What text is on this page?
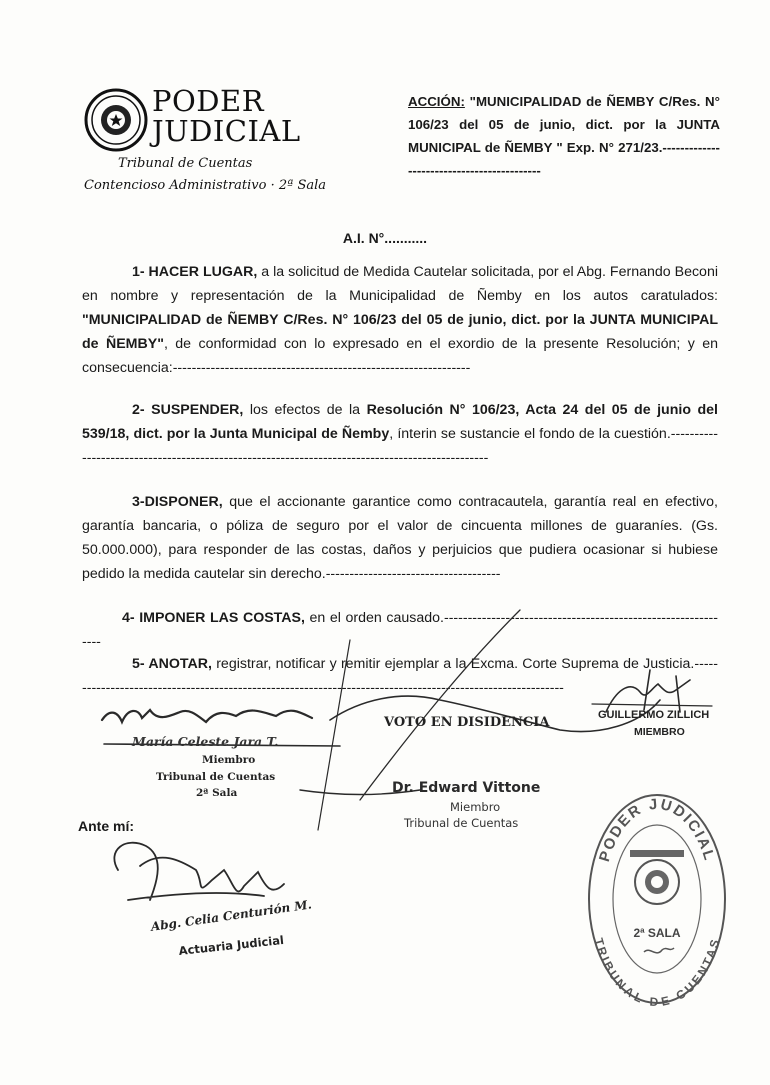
PODER
JUDICIAL
Tribunal de Cuentas
Contencioso Administrativo · 2ª Sala
ACCIÓN: "MUNICIPALIDAD de ÑEMBY C/Res. N° 106/23 del 05 de junio, dict. por la JUNTA MUNICIPAL de ÑEMBY " Exp. N° 271/23.-------------------------------------------
A.I. N°...........
1- HACER LUGAR, a la solicitud de Medida Cautelar solicitada, por el Abg. Fernando Beconi en nombre y representación de la Municipalidad de Ñemby en los autos caratulados: "MUNICIPALIDAD de ÑEMBY C/Res. N° 106/23 del 05 de junio, dict. por la JUNTA MUNICIPAL de ÑEMBY", de conformidad con lo expresado en el exordio de la presente Resolución; y en consecuencia:---------------------------------------------------------------
2- SUSPENDER, los efectos de la Resolución N° 106/23, Acta 24 del 05 de junio del 539/18, dict. por la Junta Municipal de Ñemby, ínterin se sustancie el fondo de la cuestión.------------------------------------------------------------------------------------------------
3-DISPONER, que el accionante garantice como contracautela, garantía real en efectivo, garantía bancaria, o póliza de seguro por el valor de cincuenta millones de guaraníes. (Gs. 50.000.000), para responder de las costas, daños y perjuicios que pudiera ocasionar si hubiese pedido la medida cautelar sin derecho.-------------------------------------
4- IMPONER LAS COSTAS, en el orden causado.--------------------------------------------------------------
5- ANOTAR, registrar, notificar y remitir ejemplar a la Excma. Corte Suprema de Justicia.-----------------------------------------------------------------------------------------------------------
María Celeste Jara T.
Miembro
Tribunal de Cuentas
2ª Sala
VOTO EN DISIDENCIA	GUILLERMO ZILLICH
MIEMBRO
Dr. Edward Vittone
Miembro
Tribunal de Cuentas
Ante mí:
Abg. Celia Centurión M.
Actuaria Judicial
PODER JUDICIAL
TRIBUNAL DE CUENTAS
2ª SALA
